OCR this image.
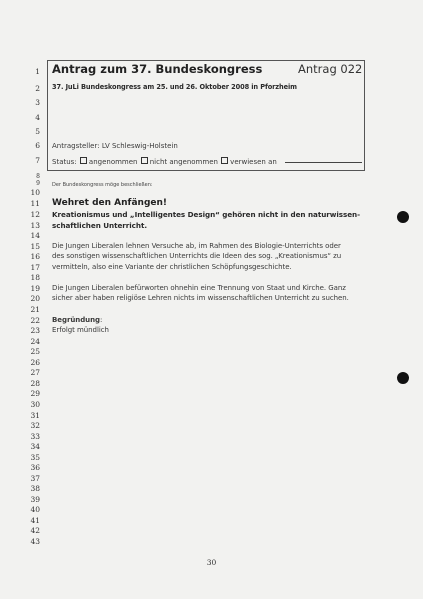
1
2
3
4
5
6
7
8
9
10
11
12
13
14
15
16
17
18
19
20
21
22
23
24
25
26
27
28
29
30
31
32
33
34
35
36
37
38
39
40
41
42
43
Antrag zum 37. Bundeskongress	Antrag 022
37. JuLi Bundeskongress am 25. und 26. Oktober 2008 in Pforzheim
Antragsteller: LV Schleswig-Holstein
Status: angenommen nicht angenommen verwiesen an
Der Bundeskongress möge beschließen:
Wehret den Anfängen!
Kreationismus und „Intelligentes Design“ gehören nicht in den naturwissen-
schaftlichen Unterricht.
Die Jungen Liberalen lehnen Versuche ab, im Rahmen des Biologie-Unterrichts oder
des sonstigen wissenschaftlichen Unterrichts die Ideen des sog. „Kreationismus“ zu
vermitteln, also eine Variante der christlichen Schöpfungsgeschichte.
Die Jungen Liberalen befürworten ohnehin eine Trennung von Staat und Kirche. Ganz
sicher aber haben religiöse Lehren nichts im wissenschaftlichen Unterricht zu suchen.
Begründung:
Erfolgt mündlich
30
